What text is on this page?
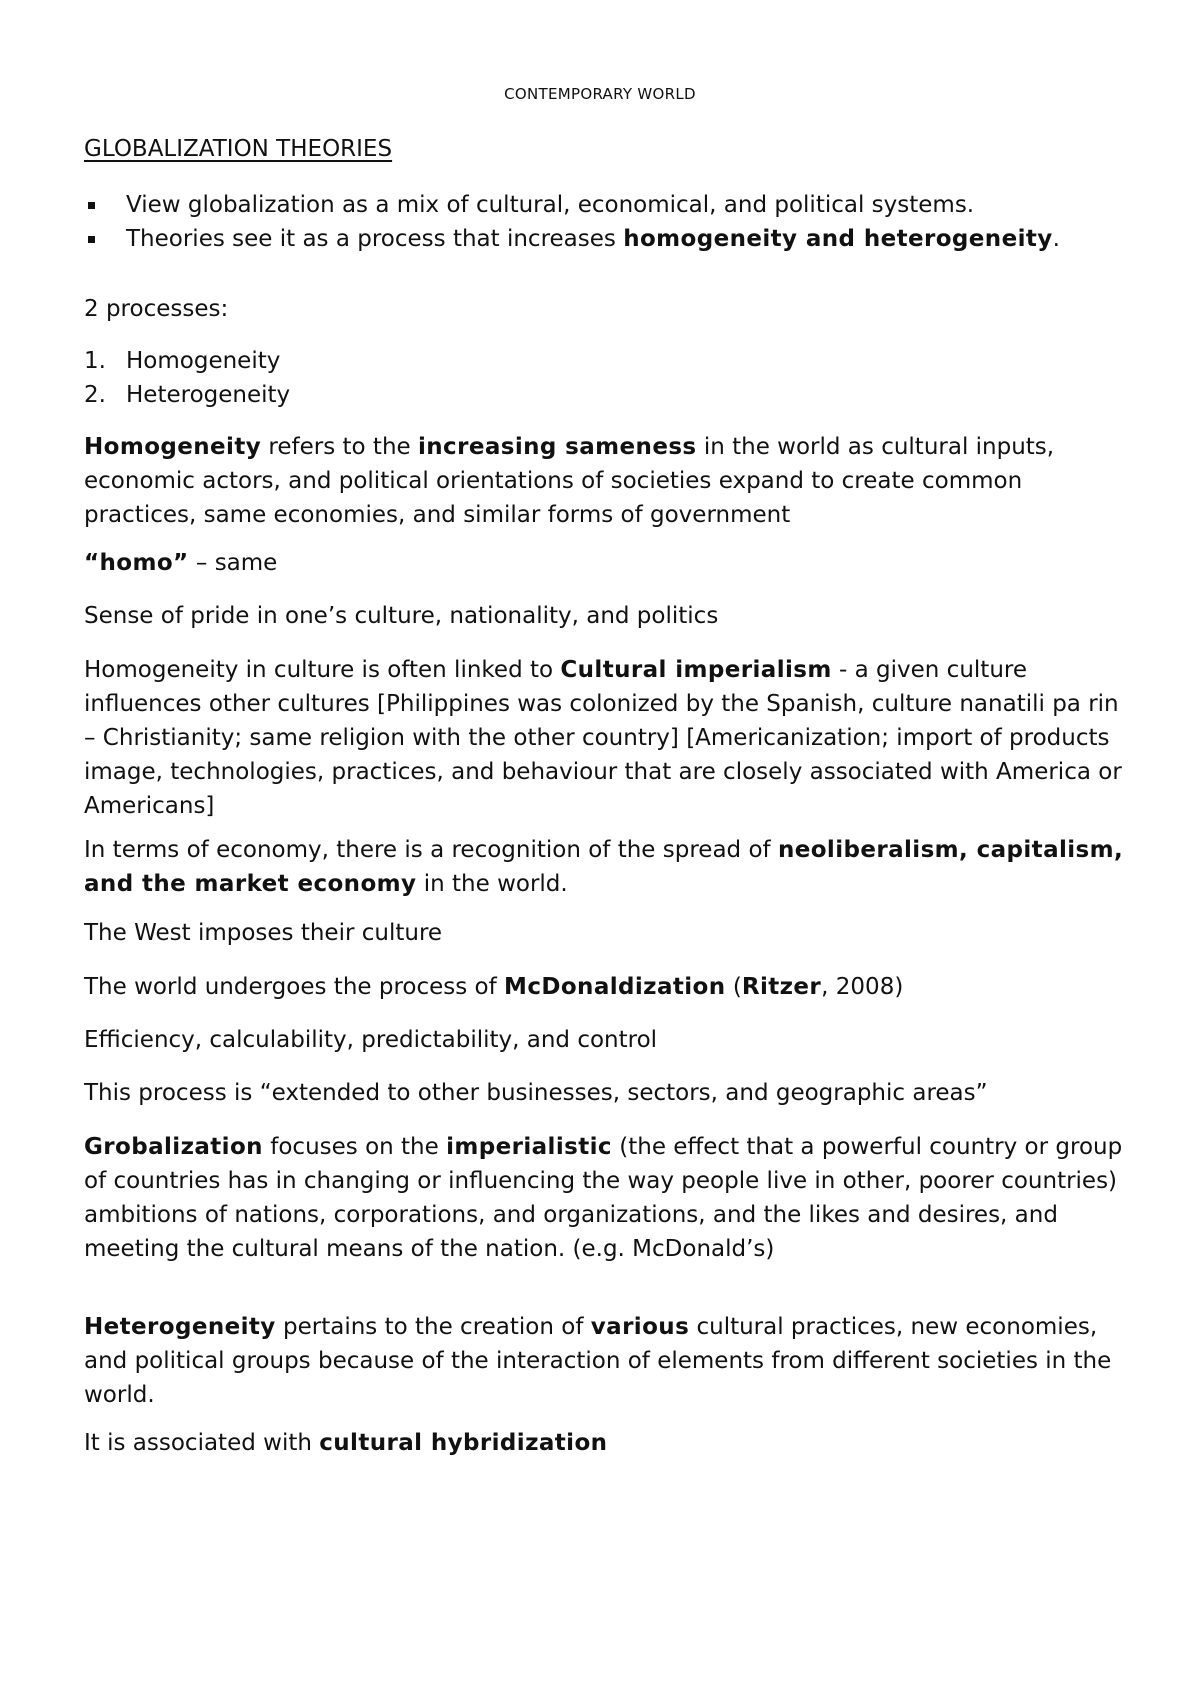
CONTEMPORARY WORLD
GLOBALIZATION THEORIES
View globalization as a mix of cultural, economical, and political systems.
Theories see it as a process that increases homogeneity and heterogeneity.

2 processes:

1. Homogeneity
2. Heterogeneity

Homogeneity refers to the increasing sameness in the world as cultural inputs, economic actors, and political orientations of societies expand to create common practices, same economies, and similar forms of government

“homo” – same

Sense of pride in one’s culture, nationality, and politics

Homogeneity in culture is often linked to Cultural imperialism - a given culture influences other cultures [Philippines was colonized by the Spanish, culture nanatili pa rin – Christianity; same religion with the other country] [Americanization; import of products image, technologies, practices, and behaviour that are closely associated with America or Americans]

In terms of economy, there is a recognition of the spread of neoliberalism, capitalism, and the market economy in the world.

The West imposes their culture

The world undergoes the process of McDonaldization (Ritzer, 2008)

Efficiency, calculability, predictability, and control

This process is “extended to other businesses, sectors, and geographic areas”

Grobalization focuses on the imperialistic (the effect that a powerful country or group of countries has in changing or influencing the way people live in other, poorer countries) ambitions of nations, corporations, and organizations, and the likes and desires, and meeting the cultural means of the nation. (e.g. McDonald’s)

Heterogeneity pertains to the creation of various cultural practices, new economies, and political groups because of the interaction of elements from different societies in the world.

It is associated with cultural hybridization
